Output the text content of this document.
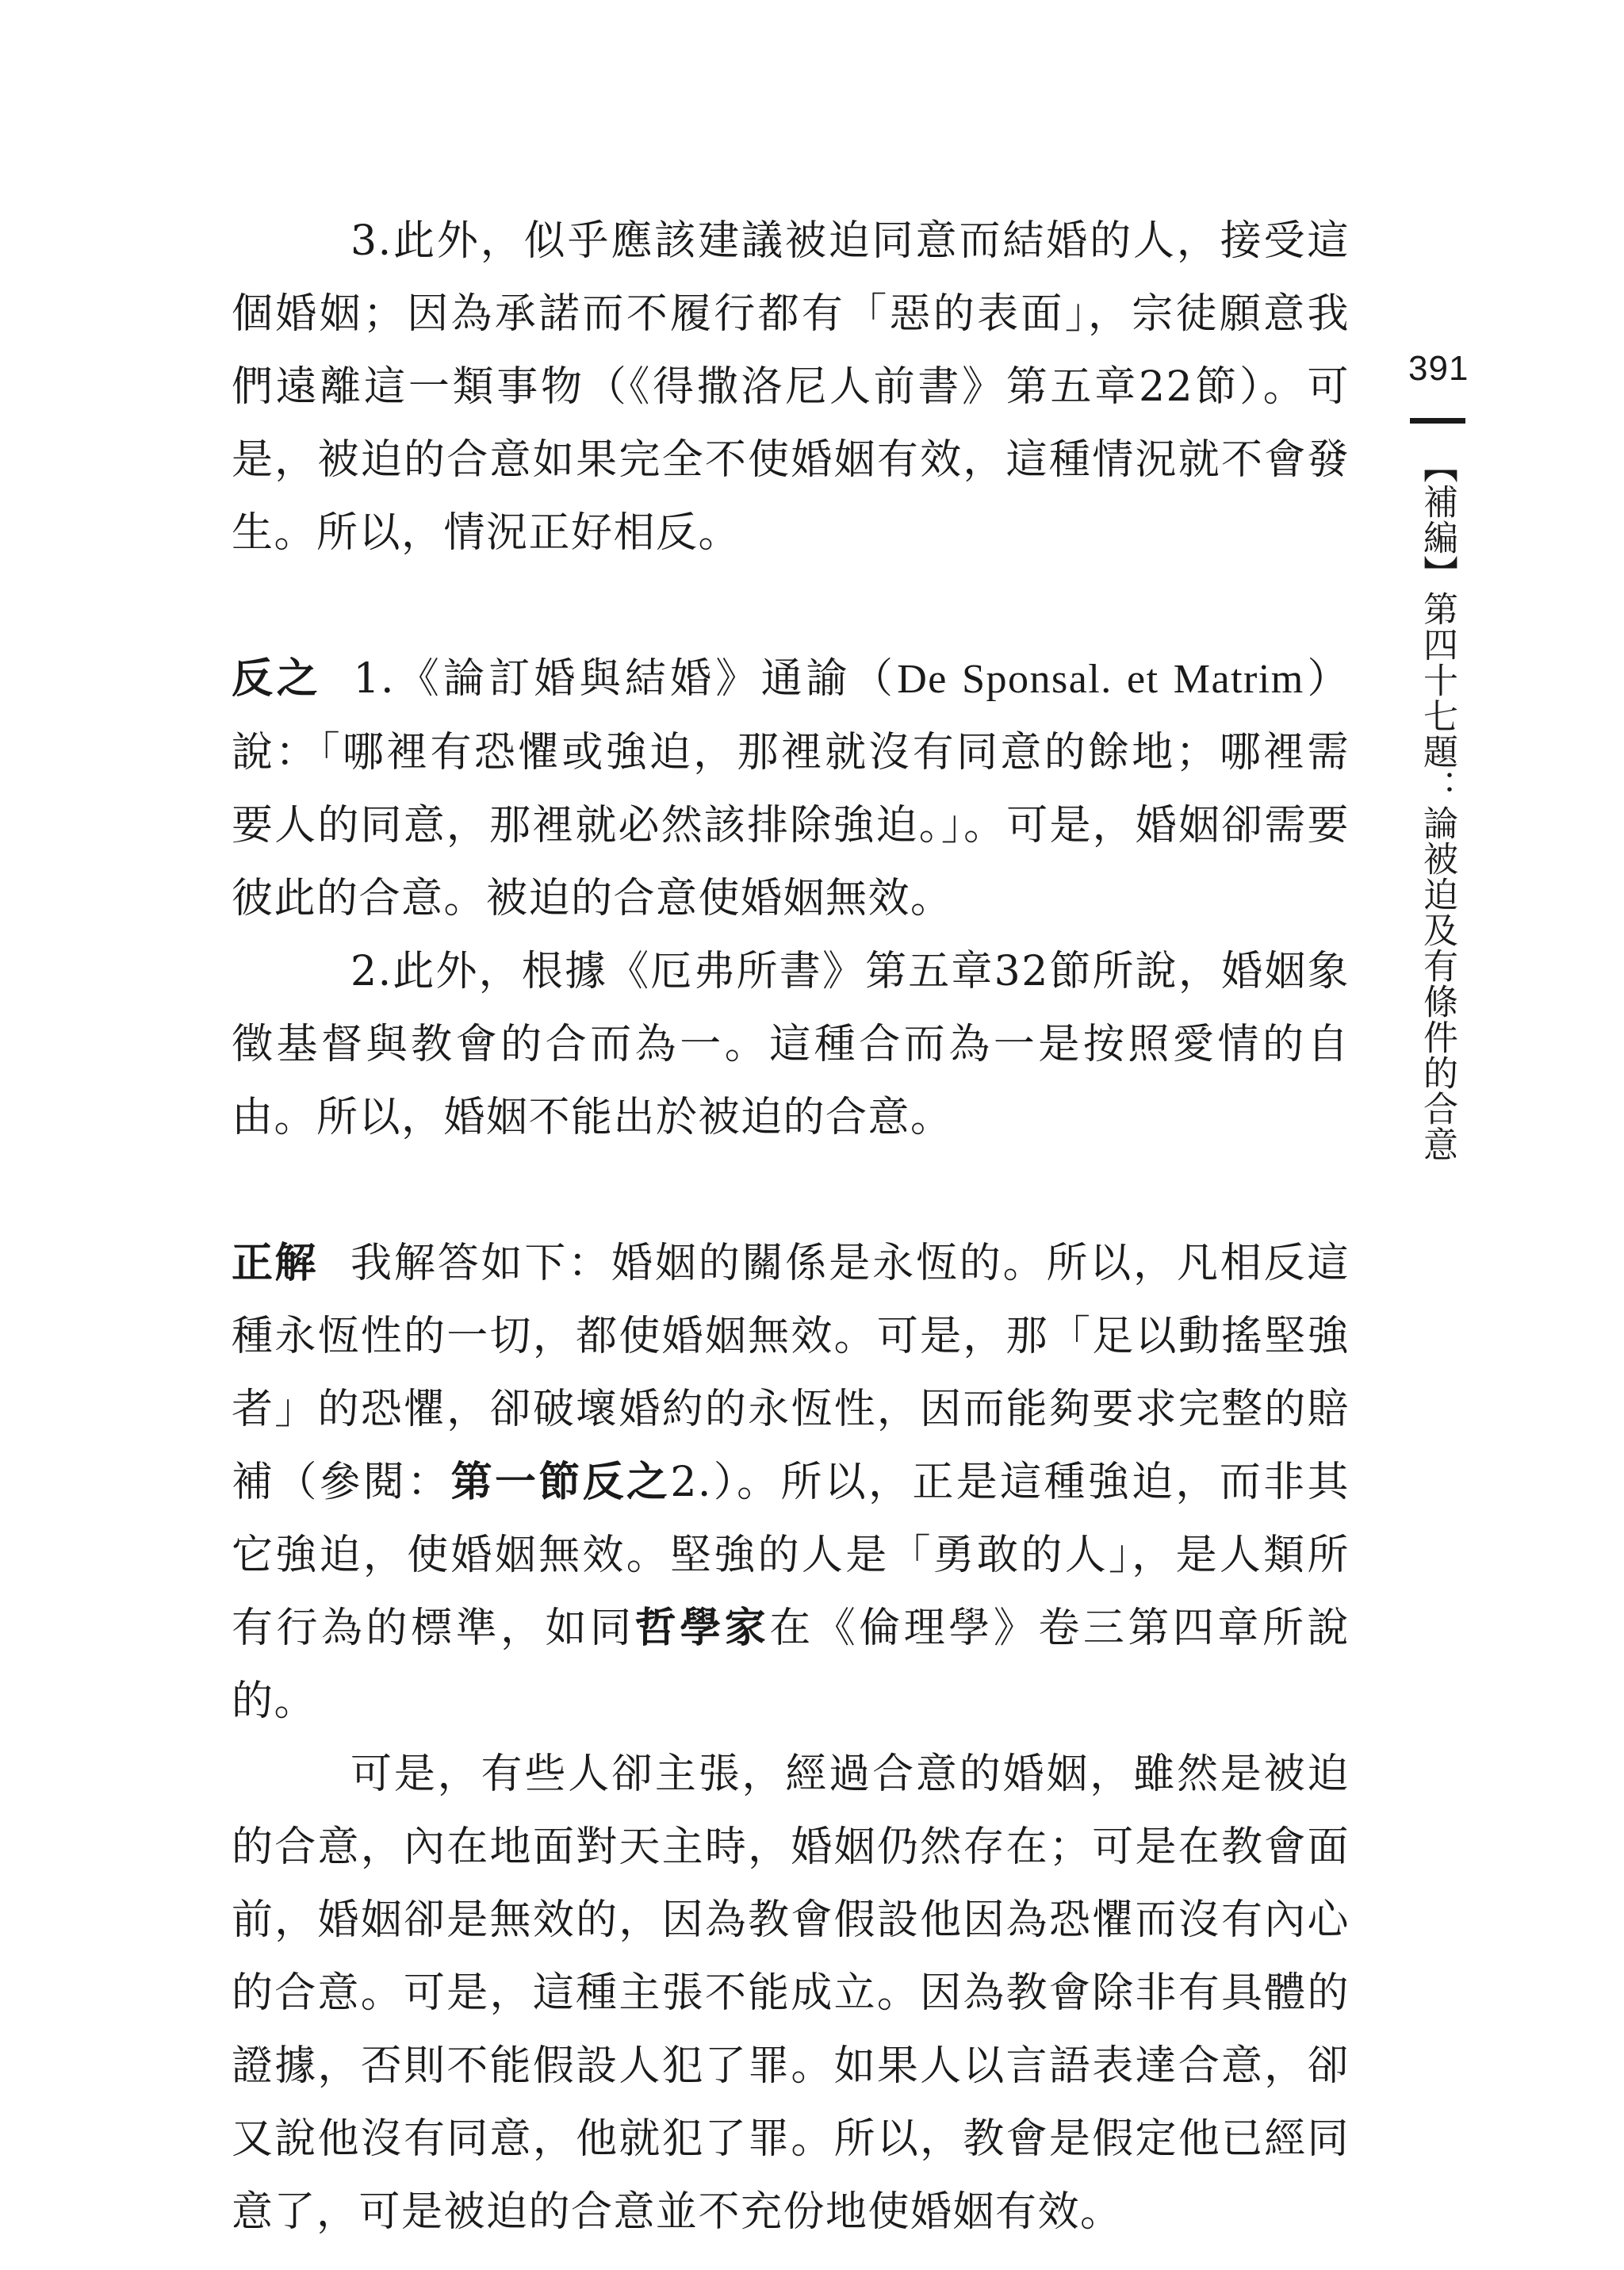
391
【補編】第四十七題：論被迫及有條件的合意

3.此外，似乎應該建議被迫同意而結婚的人，接受這個婚姻；因為承諾而不履行都有「惡的表面」，宗徒願意我們遠離這一類事物（《得撒洛尼人前書》第五章22節）。可是，被迫的合意如果完全不使婚姻有效，這種情況就不會發生。所以，情況正好相反。

反之 1.《論訂婚與結婚》通諭（De Sponsal. et Matrim）說：「哪裡有恐懼或強迫，那裡就沒有同意的餘地；哪裡需要人的同意，那裡就必然該排除強迫。」。可是，婚姻卻需要彼此的合意。被迫的合意使婚姻無效。

2.此外，根據《厄弗所書》第五章32節所說，婚姻象徵基督與教會的合而為一。這種合而為一是按照愛情的自由。所以，婚姻不能出於被迫的合意。

正解 我解答如下：婚姻的關係是永恆的。所以，凡相反這種永恆性的一切，都使婚姻無效。可是，那「足以動搖堅強者」的恐懼，卻破壞婚約的永恆性，因而能夠要求完整的賠補（參閱：第一節反之2.）。所以，正是這種強迫，而非其它強迫，使婚姻無效。堅強的人是「勇敢的人」，是人類所有行為的標準，如同哲學家在《倫理學》卷三第四章所說的。

可是，有些人卻主張，經過合意的婚姻，雖然是被迫的合意，內在地面對天主時，婚姻仍然存在；可是在教會面前，婚姻卻是無效的，因為教會假設他因為恐懼而沒有內心的合意。可是，這種主張不能成立。因為教會除非有具體的證據，否則不能假設人犯了罪。如果人以言語表達合意，卻又說他沒有同意，他就犯了罪。所以，教會是假定他已經同意了，可是被迫的合意並不充份地使婚姻有效。
